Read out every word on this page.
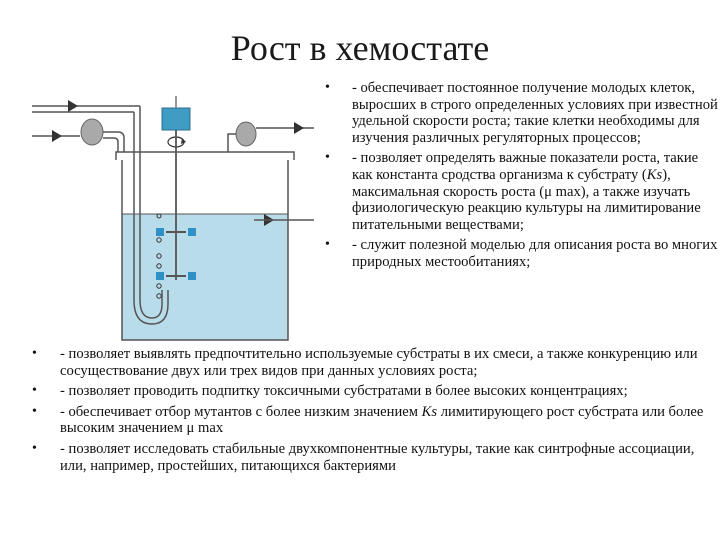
Рост в хемостате
• - обеспечивает постоянное получение молодых клеток, выросших в строго определенных условиях при известной удельной скорости роста; такие клетки необходимы для изучения различных регуляторных процессов;
• - позволяет определять важные показатели роста, такие как константа сродства организма к субстрату (Ks), максимальная скорость роста (μ max), а также изучать физиологическую реакцию культуры на лимитирование питательными веществами;
• - служит полезной моделью для описания роста во многих природных местообитаниях;
• - позволяет выявлять предпочтительно используемые субстраты в их смеси, а также конкуренцию или сосуществование двух или трех видов при данных условиях роста;
• - позволяет проводить подпитку токсичными субстратами в более высоких концентрациях;
• - обеспечивает отбор мутантов с более низким значением Ks лимитирующего рост субстрата или более высоким значением μ max
• - позволяет исследовать стабильные двухкомпонентные культуры, такие как синтрофные ассоциации, или, например, простейших, питающихся бактериями
